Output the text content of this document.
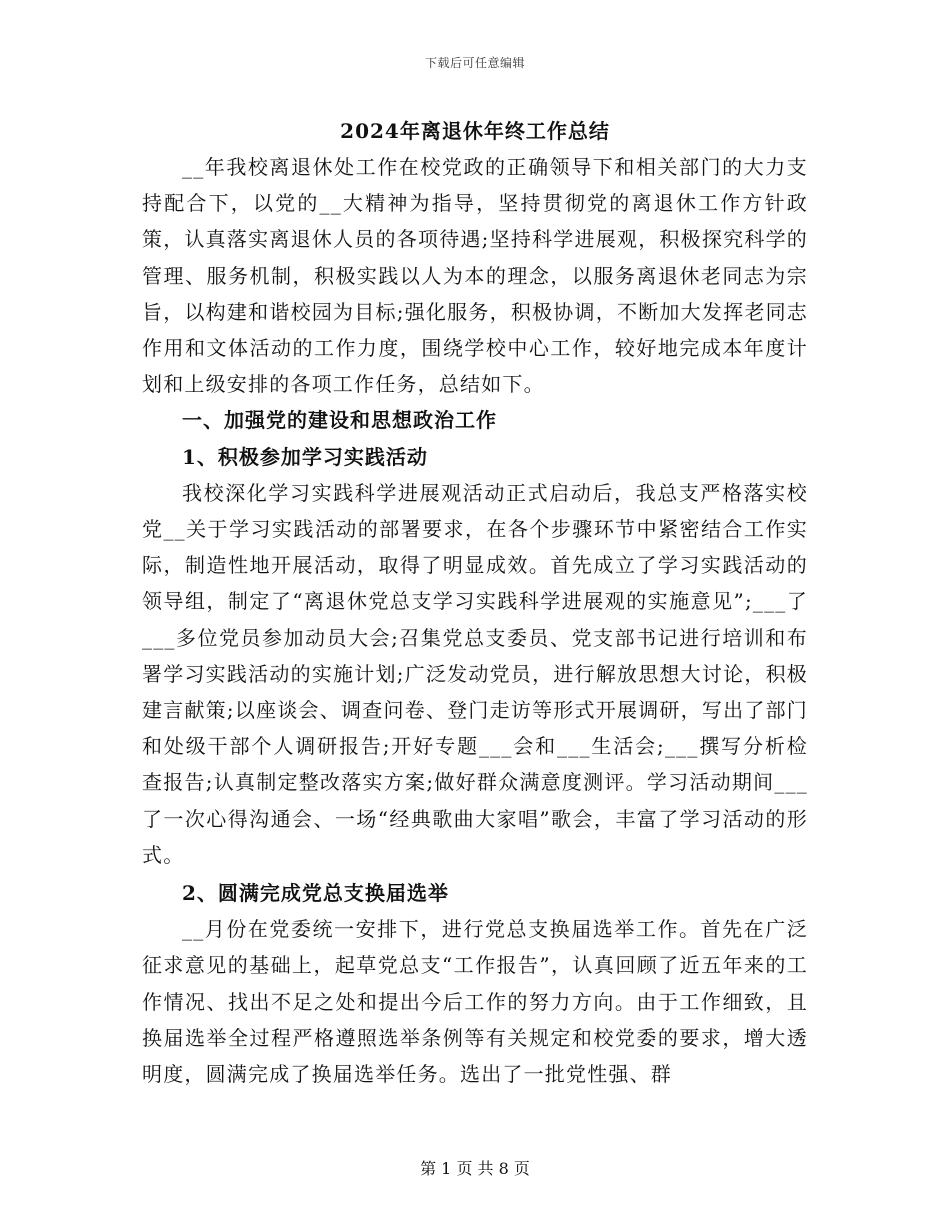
下载后可任意编辑
2024年离退休年终工作总结

__年我校离退休处工作在校党政的正确领导下和相关部门的大力支持配合下，以党的__大精神为指导，坚持贯彻党的离退休工作方针政策，认真落实离退休人员的各项待遇;坚持科学进展观，积极探究科学的管理、服务机制，积极实践以人为本的理念，以服务离退休老同志为宗旨，以构建和谐校园为目标;强化服务，积极协调，不断加大发挥老同志作用和文体活动的工作力度，围绕学校中心工作，较好地完成本年度计划和上级安排的各项工作任务，总结如下。

一、加强党的建设和思想政治工作

1、积极参加学习实践活动

我校深化学习实践科学进展观活动正式启动后，我总支严格落实校党__关于学习实践活动的部署要求，在各个步骤环节中紧密结合工作实际，制造性地开展活动，取得了明显成效。首先成立了学习实践活动的领导组，制定了“离退休党总支学习实践科学进展观的实施意见”;___了___多位党员参加动员大会;召集党总支委员、党支部书记进行培训和布署学习实践活动的实施计划;广泛发动党员，进行解放思想大讨论，积极建言献策;以座谈会、调查问卷、登门走访等形式开展调研，写出了部门和处级干部个人调研报告;开好专题___会和___生活会;___撰写分析检查报告;认真制定整改落实方案;做好群众满意度测评。学习活动期间___了一次心得沟通会、一场“经典歌曲大家唱”歌会，丰富了学习活动的形式。

2、圆满完成党总支换届选举

__月份在党委统一安排下，进行党总支换届选举工作。首先在广泛征求意见的基础上，起草党总支“工作报告”，认真回顾了近五年来的工作情况、找出不足之处和提出今后工作的努力方向。由于工作细致，且换届选举全过程严格遵照选举条例等有关规定和校党委的要求，增大透明度，圆满完成了换届选举任务。选出了一批党性强、群

第 1 页 共 8 页
